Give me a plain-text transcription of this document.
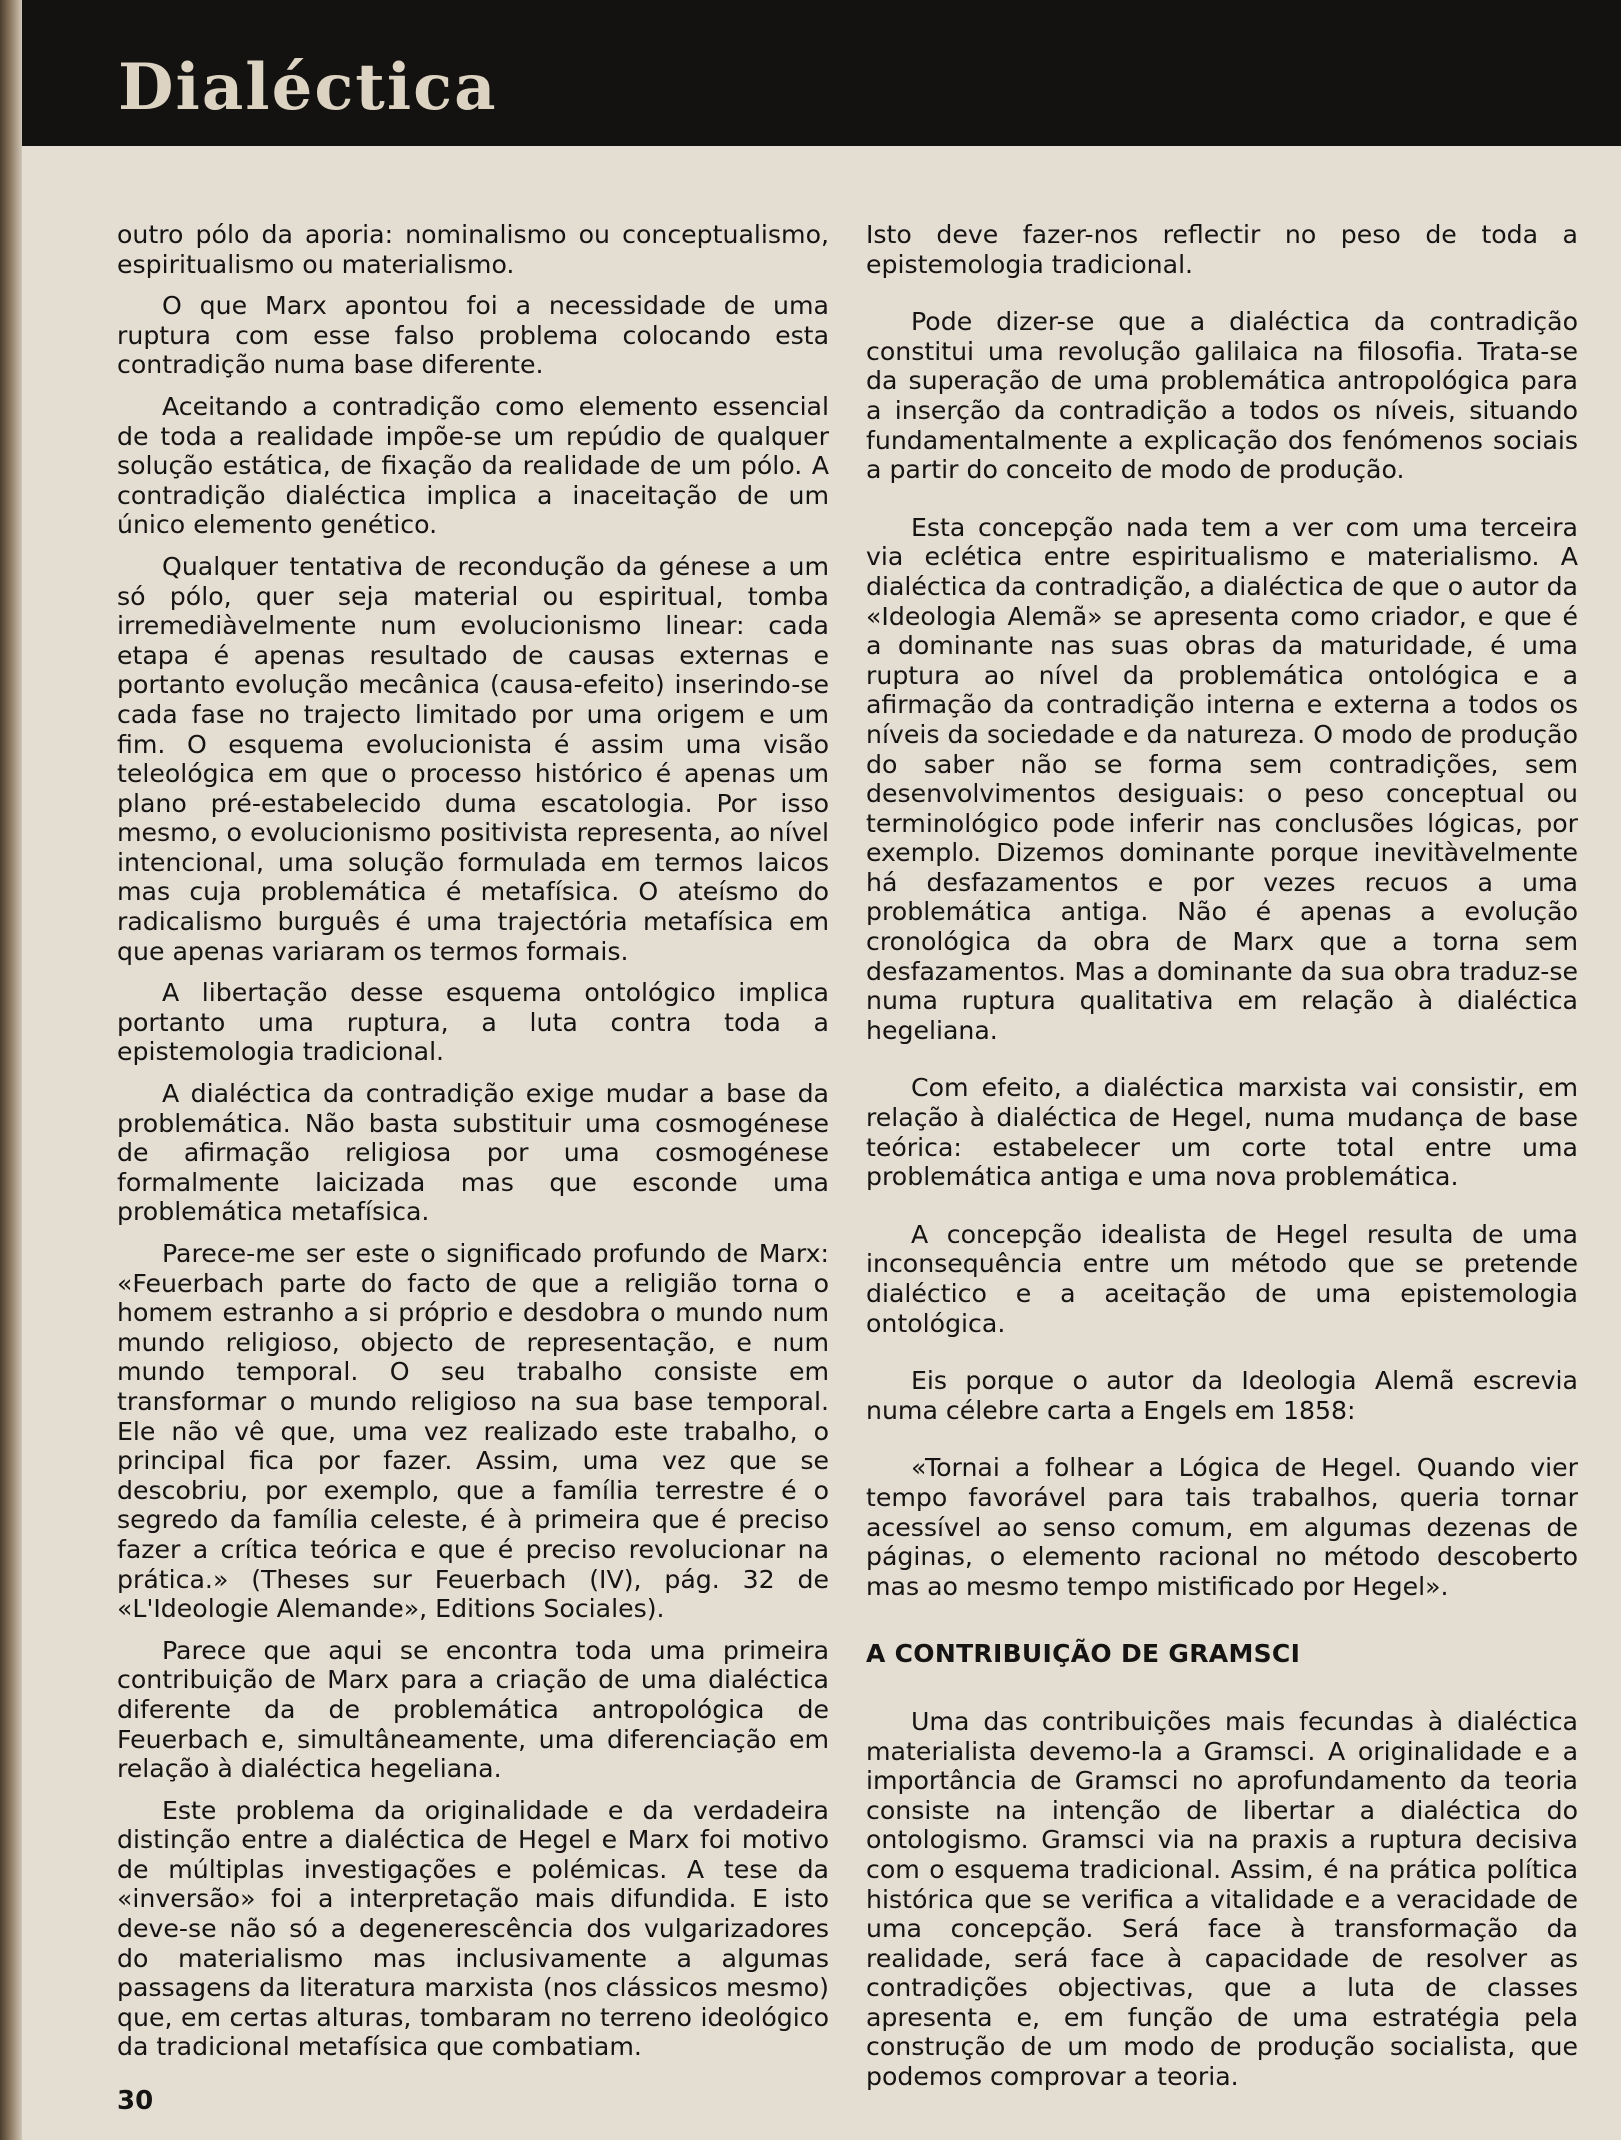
Dialéctica

outro pólo da aporia: nominalismo ou conceptualismo, espiritualismo ou materialismo.

O que Marx apontou foi a necessidade de uma ruptura com esse falso problema colocando esta contradição numa base diferente.

Aceitando a contradição como elemento essencial de toda a realidade impõe-se um repúdio de qualquer solução estática, de fixação da realidade de um pólo. A contradição dialéctica implica a inaceitação de um único elemento genético.

Qualquer tentativa de recondução da génese a um só pólo, quer seja material ou espiritual, tomba irremediàvelmente num evolucionismo linear: cada etapa é apenas resultado de causas externas e portanto evolução mecânica (causa-efeito) inserindo-se cada fase no trajecto limitado por uma origem e um fim. O esquema evolucionista é assim uma visão teleológica em que o processo histórico é apenas um plano pré-estabelecido duma escatologia. Por isso mesmo, o evolucionismo positivista representa, ao nível intencional, uma solução formulada em termos laicos mas cuja problemática é metafísica. O ateísmo do radicalismo burguês é uma trajectória metafísica em que apenas variaram os termos formais.

A libertação desse esquema ontológico implica portanto uma ruptura, a luta contra toda a epistemologia tradicional.

A dialéctica da contradição exige mudar a base da problemática. Não basta substituir uma cosmogénese de afirmação religiosa por uma cosmogénese formalmente laicizada mas que esconde uma problemática metafísica.

Parece-me ser este o significado profundo de Marx: «Feuerbach parte do facto de que a religião torna o homem estranho a si próprio e desdobra o mundo num mundo religioso, objecto de representação, e num mundo temporal. O seu trabalho consiste em transformar o mundo religioso na sua base temporal. Ele não vê que, uma vez realizado este trabalho, o principal fica por fazer. Assim, uma vez que se descobriu, por exemplo, que a família terrestre é o segredo da família celeste, é à primeira que é preciso fazer a crítica teórica e que é preciso revolucionar na prática.» (Theses sur Feuerbach (IV), pág. 32 de «L'Ideologie Alemande», Editions Sociales).

Parece que aqui se encontra toda uma primeira contribuição de Marx para a criação de uma dialéctica diferente da de problemática antropológica de Feuerbach e, simultâneamente, uma diferenciação em relação à dialéctica hegeliana.

Este problema da originalidade e da verdadeira distinção entre a dialéctica de Hegel e Marx foi motivo de múltiplas investigações e polémicas. A tese da «inversão» foi a interpretação mais difundida. E isto deve-se não só a degenerescência dos vulgarizadores do materialismo mas inclusivamente a algumas passagens da literatura marxista (nos clássicos mesmo) que, em certas alturas, tombaram no terreno ideológico da tradicional metafísica que combatiam.

Isto deve fazer-nos reflectir no peso de toda a epistemologia tradicional.

Pode dizer-se que a dialéctica da contradição constitui uma revolução galilaica na filosofia. Trata-se da superação de uma problemática antropológica para a inserção da contradição a todos os níveis, situando fundamentalmente a explicação dos fenómenos sociais a partir do conceito de modo de produção.

Esta concepção nada tem a ver com uma terceira via eclética entre espiritualismo e materialismo. A dialéctica da contradição, a dialéctica de que o autor da «Ideologia Alemã» se apresenta como criador, e que é a dominante nas suas obras da maturidade, é uma ruptura ao nível da problemática ontológica e a afirmação da contradição interna e externa a todos os níveis da sociedade e da natureza. O modo de produção do saber não se forma sem contradições, sem desenvolvimentos desiguais: o peso conceptual ou terminológico pode inferir nas conclusões lógicas, por exemplo. Dizemos dominante porque inevitàvelmente há desfazamentos e por vezes recuos a uma problemática antiga. Não é apenas a evolução cronológica da obra de Marx que a torna sem desfazamentos. Mas a dominante da sua obra traduz-se numa ruptura qualitativa em relação à dialéctica hegeliana.

Com efeito, a dialéctica marxista vai consistir, em relação à dialéctica de Hegel, numa mudança de base teórica: estabelecer um corte total entre uma problemática antiga e uma nova problemática.

A concepção idealista de Hegel resulta de uma inconsequência entre um método que se pretende dialéctico e a aceitação de uma epistemologia ontológica.

Eis porque o autor da Ideologia Alemã escrevia numa célebre carta a Engels em 1858:

«Tornai a folhear a Lógica de Hegel. Quando vier tempo favorável para tais trabalhos, queria tornar acessível ao senso comum, em algumas dezenas de páginas, o elemento racional no método descoberto mas ao mesmo tempo mistificado por Hegel».

A CONTRIBUIÇÃO DE GRAMSCI

Uma das contribuições mais fecundas à dialéctica materialista devemo-la a Gramsci. A originalidade e a importância de Gramsci no aprofundamento da teoria consiste na intenção de libertar a dialéctica do ontologismo. Gramsci via na praxis a ruptura decisiva com o esquema tradicional. Assim, é na prática política histórica que se verifica a vitalidade e a veracidade de uma concepção. Será face à transformação da realidade, será face à capacidade de resolver as contradições objectivas, que a luta de classes apresenta e, em função de uma estratégia pela construção de um modo de produção socialista, que podemos comprovar a teoria.

30
